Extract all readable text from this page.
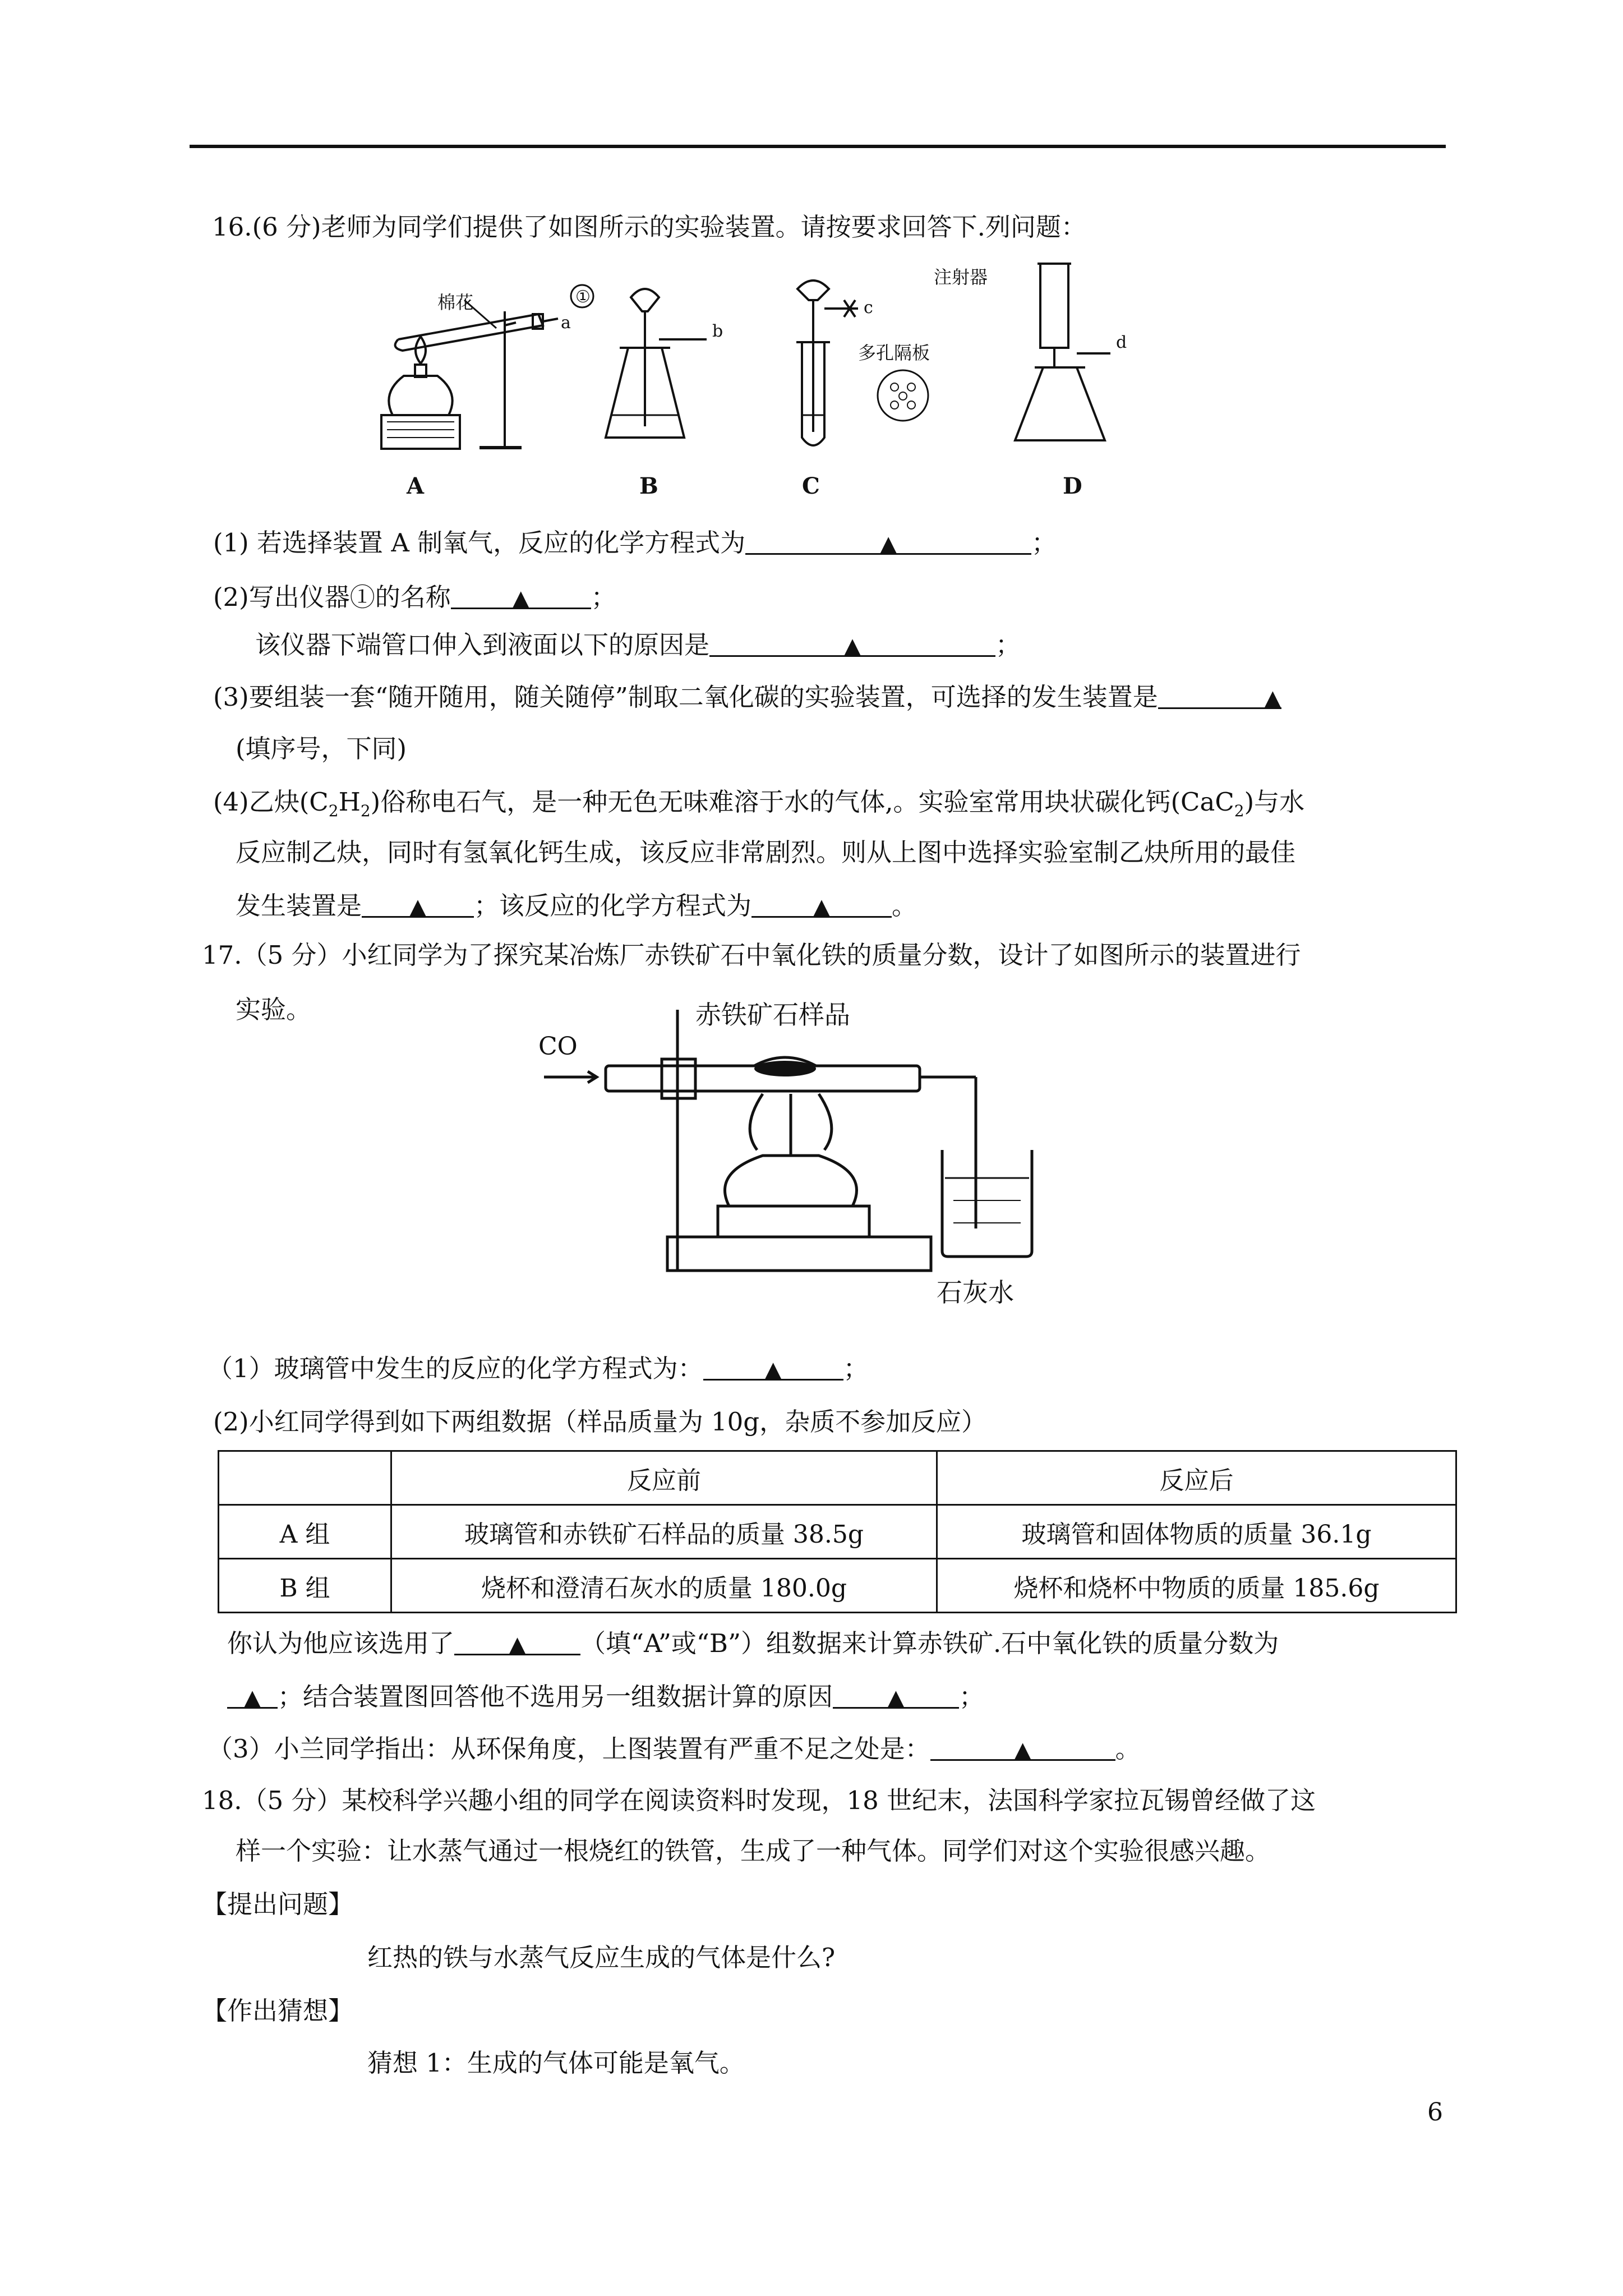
16.(6 分)老师为同学们提供了如图所示的实验装置。请按要求回答下.列问题：
棉花
a
A
①
b
B
c
多孔隔板
C
注射器
d
D
(1) 若选择装置 A 制氧气，反应的化学方程式为	▲	；
(2)写出仪器①的名称	▲ ；
该仪器下端管口伸入到液面以下的原因是	▲	；
(3)要组装一套“随开随用，随关随停”制取二氧化碳的实验装置，可选择的发生装置是	▲
(填序号，下同)
(4)乙炔$(C_2H_2)$俗称电石气，是一种无色无味难溶于水的气体,。实验室常用块状碳化钙(CaC$_2$)与水
反应制乙炔，同时有氢氧化钙生成，该反应非常剧烈。则从上图中选择实验室制乙炔所用的最佳
发生装置是 ▲ ；该反应的化学方程式为	▲ 。
17.（5 分）小红同学为了探究某冶炼厂赤铁矿石中氧化铁的质量分数，设计了如图所示的装置进行
实验。
CO
赤铁矿石样品
石灰水
（1）玻璃管中发生的反应的化学方程式为：	▲ ；
(2)小红同学得到如下两组数据（样品质量为 10g，杂质不参加反应）
	反应前	反应后
A 组	玻璃管和赤铁矿石样品的质量 38.5g	玻璃管和固体物质的质量 36.1g
B 组	烧杯和澄清石灰水的质量 180.0g	烧杯和烧杯中物质的质量 185.6g
你认为他应该选用了 ▲ （填“A”或“B”）组数据来计算赤铁矿.石中氧化铁的质量分数为
▲ ；结合装置图回答他不选用另一组数据计算的原因 ▲ ；
（3）小兰同学指出：从环保角度，上图装置有严重不足之处是：	▲	。
18.（5 分）某校科学兴趣小组的同学在阅读资料时发现，18 世纪末，法国科学家拉瓦锡曾经做了这
样一个实验：让水蒸气通过一根烧红的铁管，生成了一种气体。同学们对这个实验很感兴趣。
【提出问题】
红热的铁与水蒸气反应生成的气体是什么?
【作出猜想】
猜想 1：生成的气体可能是氧气。
6
